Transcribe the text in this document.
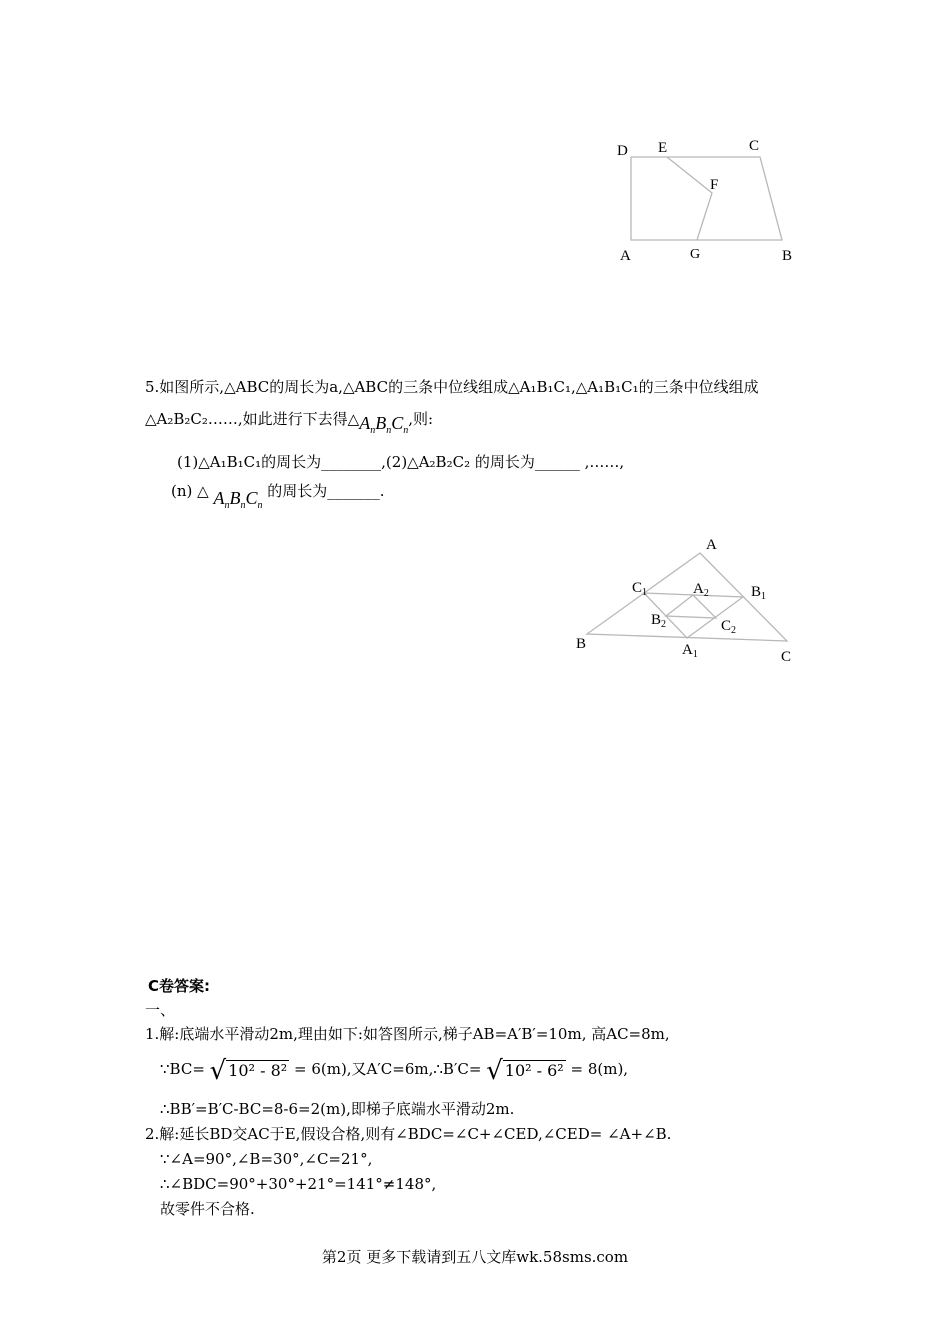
D E	C
F
A	G	B
5.如图所示,△ABC的周长为a,△ABC的三条中位线组成△A₁B₁C₁,△A₁B₁C₁的三条中位线组成
△A₂B₂C₂……,如此进行下去得$\triangle A_nB_nC_n$,则:
(1)△A₁B₁C₁的周长为________,(2)△A₂B₂C₂ 的周长为______ ,……,
(n) △ $A_nB_nC_n$ 的周长为_______.
A
B
C
$C_1$	$B_1$
$A_1$
$A_2$
$B_2$	$C_2$
C卷答案:
一、
1.解:底端水平滑动2m,理由如下:如答图所示,梯子AB=A′B′=10m, 高AC=8m,
∵BC= √ 10² - 8² = 6(m),又A′C=6m,∴B′C= √ 10² - 6² = 8(m),
∴BB′=B′C-BC=8-6=2(m),即梯子底端水平滑动2m.
2.解:延长BD交AC于E,假设合格,则有∠BDC=∠C+∠CED,∠CED= ∠A+∠B.
∵∠A=90°,∠B=30°,∠C=21°,
∴∠BDC=90°+30°+21°=141°≠148°,
故零件不合格.
第2页 更多下载请到五八文库wk.58sms.com
